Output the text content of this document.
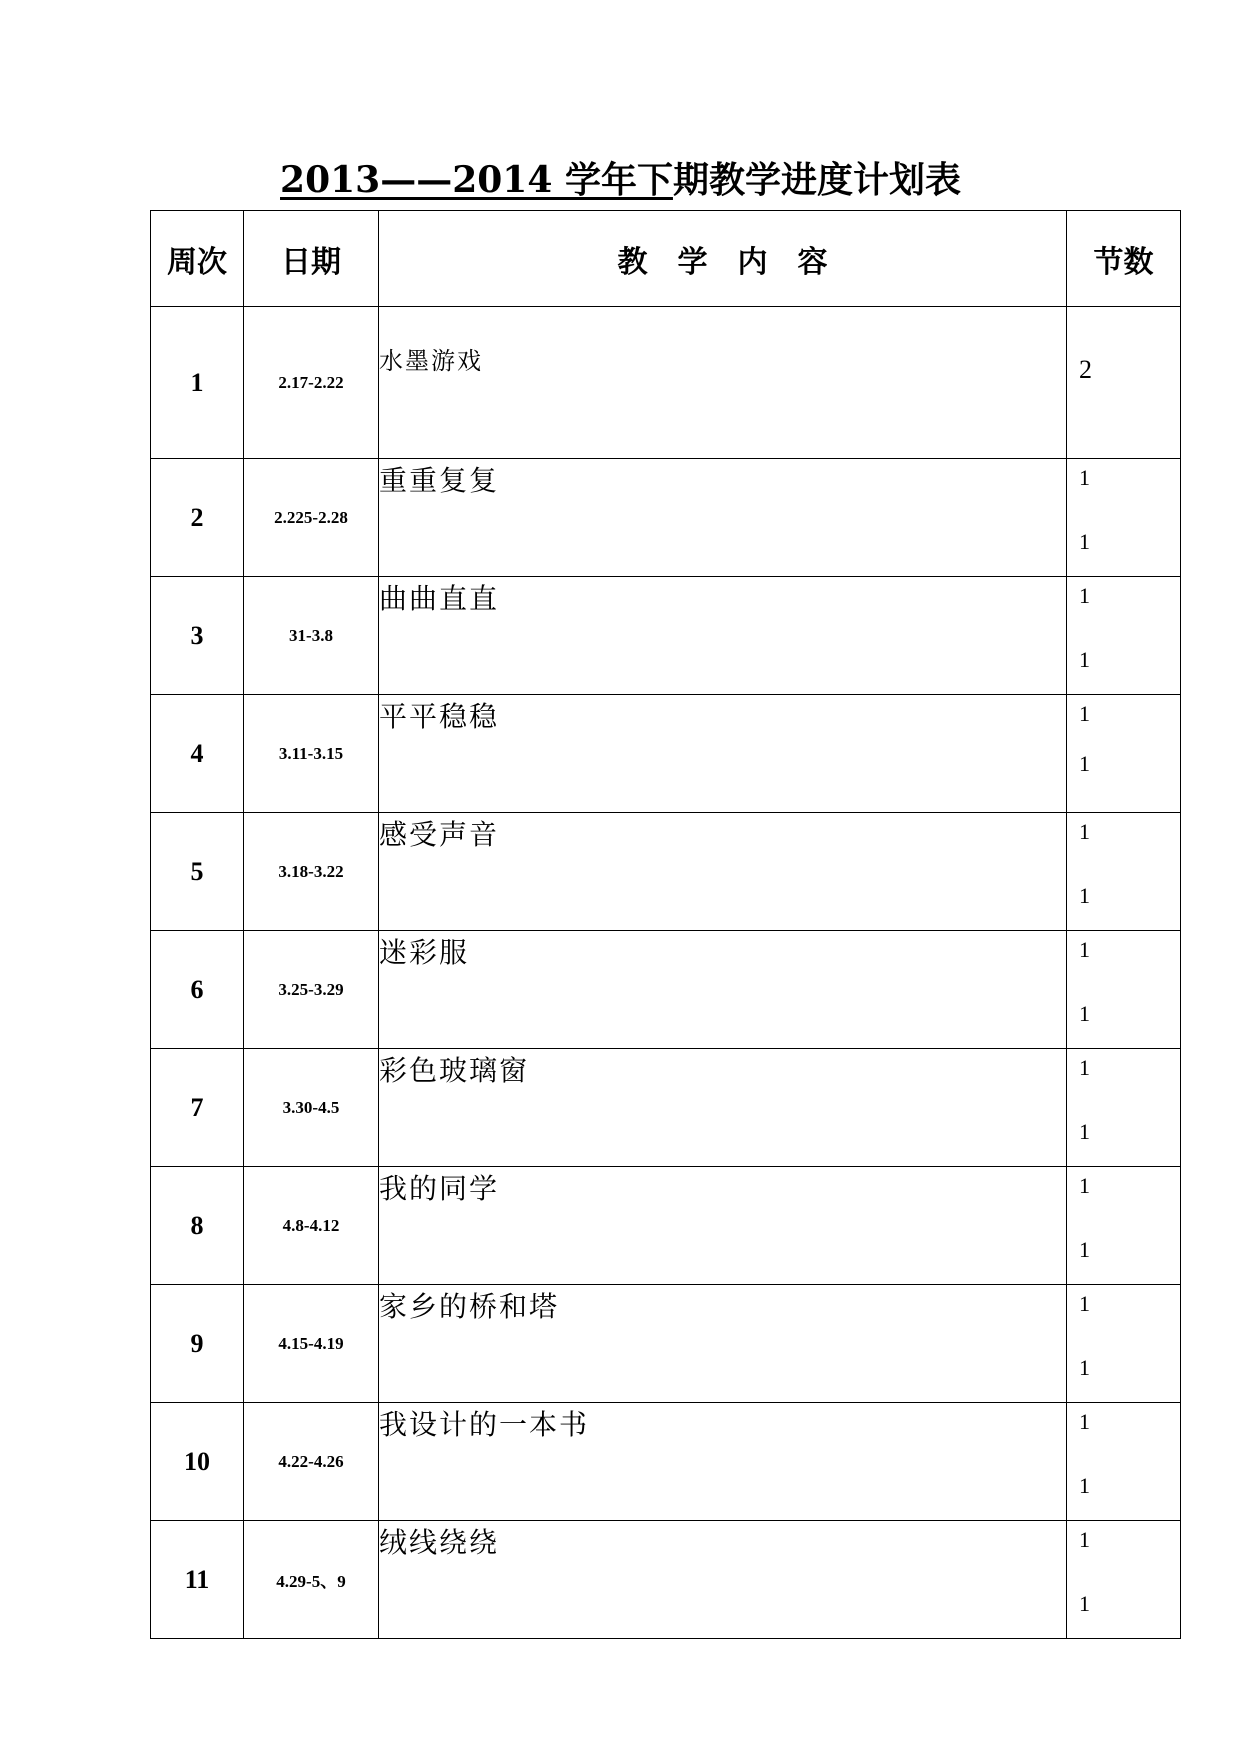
2013——2014 学年下期教学进度计划表
周次	日期	教学内容	节数
1	2.17-2.22	水墨游戏	2

2	2.225-2.28	重重复复	1
1

3	31-3.8	曲曲直直	1
1

4	3.11-3.15	平平稳稳	1
1

5	3.18-3.22	感受声音	1
1

6	3.25-3.29	迷彩服	1
1

7	3.30-4.5	彩色玻璃窗	1
1

8	4.8-4.12	我的同学	1
1

9	4.15-4.19	家乡的桥和塔	1
1

10	4.22-4.26	我设计的一本书	1
1

11	4.29-5、9	绒线绕绕	1
1
